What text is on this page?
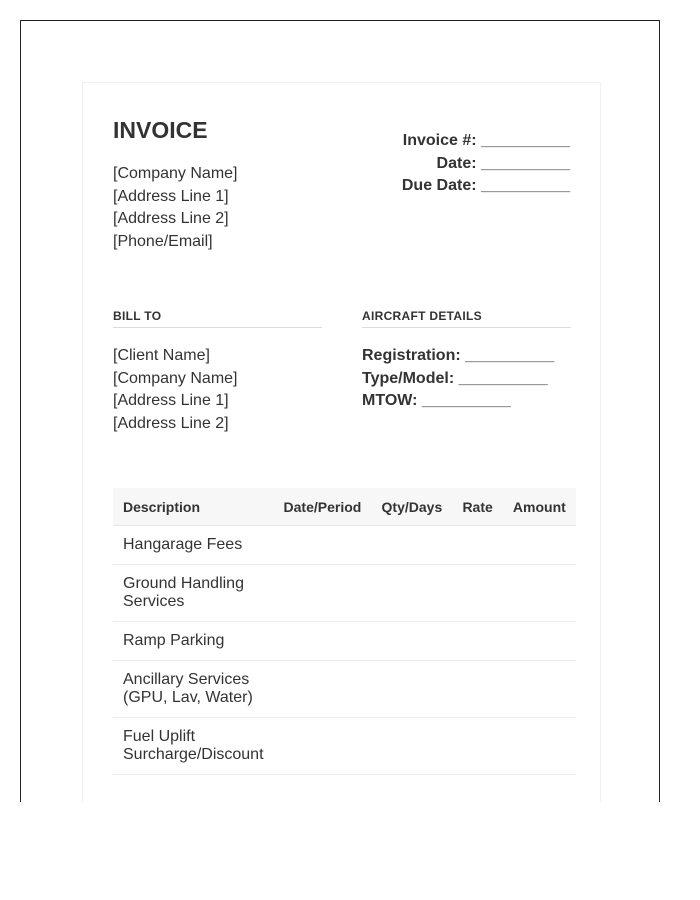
INVOICE
[Company Name]
[Address Line 1]
[Address Line 2]
[Phone/Email]
Invoice #: __________
Date: __________
Due Date: __________
BILL TO
[Client Name]
[Company Name]
[Address Line 1]
[Address Line 2]
AIRCRAFT DETAILS
Registration: __________
Type/Model: __________
MTOW: __________
Description	Date/Period	Qty/Days	Rate	Amount
Hangarage Fees				
Ground Handling Services				
Ramp Parking				
Ancillary Services (GPU, Lav, Water)				
Fuel Uplift Surcharge/Discount				
